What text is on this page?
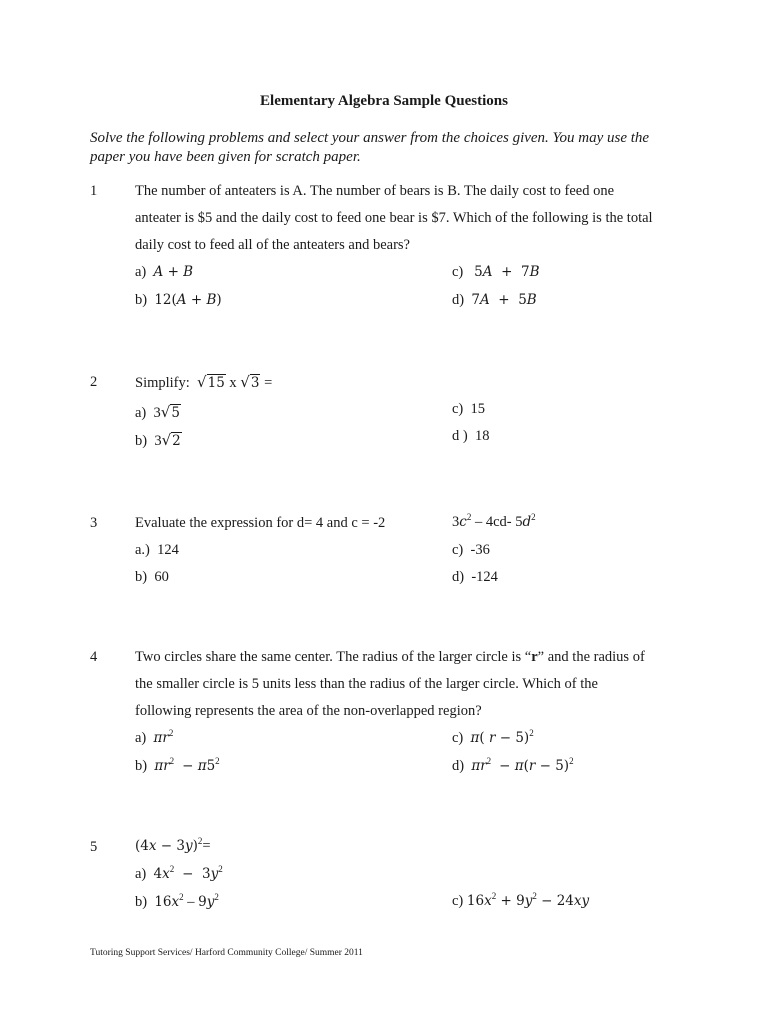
Elementary Algebra Sample Questions
Solve the following problems and select your answer from the choices given. You may use the
paper you have been given for scratch paper.
1	The number of anteaters is A. The number of bears is B. The daily cost to feed one
anteater is $5 and the daily cost to feed one bear is $7. Which of the following is the total
daily cost to feed all of the anteaters and bears?
a) A + B
b) 12(A + B)
c) 5A  + 7B
d) 7A  + 5B
2	Simplify: √15 x √3 =
a) 3√5
b) 3√2
c) 15
d ) 18
3	Evaluate the expression for d= 4 and c = -2	$3c^2 - 4cd-$ $5d^2$
a.) 124
b) 60
c) -36
d) -124
4	Two circles share the same center. The radius of the larger circle is “r” and the radius of
the smaller circle is 5 units less than the radius of the larger circle. Which of the
following represents the area of the non-overlapped region?
a) $\pi r^2$
b) $\pi r^2 - \pi 5^2$
c) π( r − 5)$^2$
d) $\pi r^2 - \pi(r - 5)^2$
5	$(4x - 3y)^2=$
a) $4x^2 - 3y^2$
b) $16x^2 - 9y^2$	c) $16x^2 + 9y^2 - 24xy$
Tutoring Support Services/ Harford Community College/ Summer 2011
